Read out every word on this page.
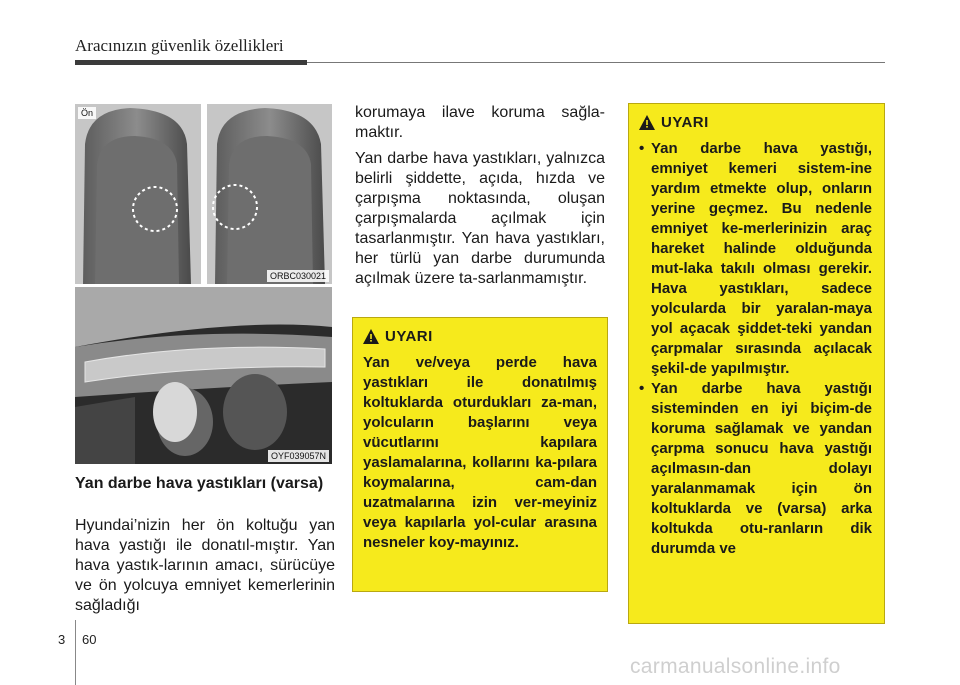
Aracınızın güvenlik özellikleri
Ön
ORBC030021
OYF039057N
Yan darbe hava yastıkları (varsa)
Hyundai’nizin her ön koltuğu yan hava yastığı ile donatıl-mıştır. Yan hava yastık-larının amacı, sürücüye ve ön yolcuya emniyet kemerlerinin sağladığı

korumaya ilave koruma sağla-maktır.

Yan darbe hava yastıkları, yalnızca belirli şiddette, açıda, hızda ve çarpışma noktasında, oluşan çarpışmalarda açılmak için tasarlanmıştır. Yan hava yastıkları, her türlü yan darbe durumunda açılmak üzere ta-sarlanmamıştır.

UYARI
Yan ve/veya perde hava yastıkları ile donatılmış koltuklarda oturdukları za-man, yolcuların başlarını veya vücutlarını kapılara yaslamalarına, kollarını ka-pılara koymalarına, cam-dan uzatmalarına izin ver-meyiniz veya kapılarla yol-cular arasına nesneler koy-mayınız.
UYARI
• Yan darbe hava yastığı, emniyet kemeri sistem-ine yardım etmekte olup, onların yerine geçmez. Bu nedenle emniyet ke-merlerinizin araç hareket halinde olduğunda mut-laka takılı olması gerekir. Hava yastıkları, sadece yolcularda bir yaralan-maya yol açacak şiddet-teki yandan çarpmalar sırasında açılacak şekil-de yapılmıştır.
• Yan darbe hava yastığı sisteminden en iyi biçim-de koruma sağlamak ve yandan çarpma sonucu hava yastığı açılmasın-dan dolayı yaralanmamak için ön koltuklarda ve (varsa) arka koltukda otu-ranların dik durumda ve
3 60
carmanualsonline.info
